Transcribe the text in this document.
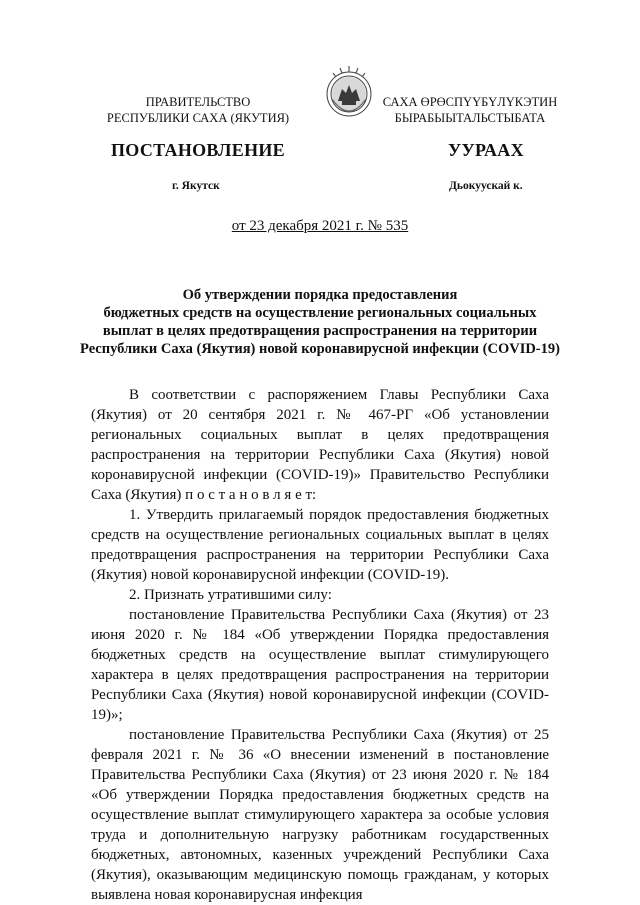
ПРАВИТЕЛЬСТВО
РЕСПУБЛИКИ САХА (ЯКУТИЯ)
САХА ӨРӨСПҮҮБҮЛҮКЭТИН
БЫРАБЫЫТАЛЬСТЫБАТА
ПОСТАНОВЛЕНИЕ	УУРААХ
г. Якутск	Дьокуускай к.
от 23 декабря 2021 г. № 535
Об утверждении порядка предоставления
бюджетных средств на осуществление региональных социальных
выплат в целях предотвращения распространения на территории
Республики Саха (Якутия) новой коронавирусной инфекции (COVID-19)

В соответствии с распоряжением Главы Республики Саха (Якутия) от 20 сентября 2021 г. № 467-РГ «Об установлении региональных социальных выплат в целях предотвращения распространения на территории Республики Саха (Якутия) новой коронавирусной инфекции (COVID-19)» Правительство Республики Саха (Якутия) п о с т а н о в л я е т:

1. Утвердить прилагаемый порядок предоставления бюджетных средств на осуществление региональных социальных выплат в целях предотвращения распространения на территории Республики Саха (Якутия) новой коронавирусной инфекции (COVID-19).

2. Признать утратившими силу:

постановление Правительства Республики Саха (Якутия) от 23 июня 2020 г. № 184 «Об утверждении Порядка предоставления бюджетных средств на осуществление выплат стимулирующего характера в целях предотвращения распространения на территории Республики Саха (Якутия) новой коронавирусной инфекции (COVID-19)»;

постановление Правительства Республики Саха (Якутия) от 25 февраля 2021 г. № 36 «О внесении изменений в постановление Правительства Республики Саха (Якутия) от 23 июня 2020 г. № 184 «Об утверждении Порядка предоставления бюджетных средств на осуществление выплат стимулирующего характера за особые условия труда и дополнительную нагрузку работникам государственных бюджетных, автономных, казенных учреждений Республики Саха (Якутия), оказывающим медицинскую помощь гражданам, у которых выявлена новая коронавирусная инфекция
